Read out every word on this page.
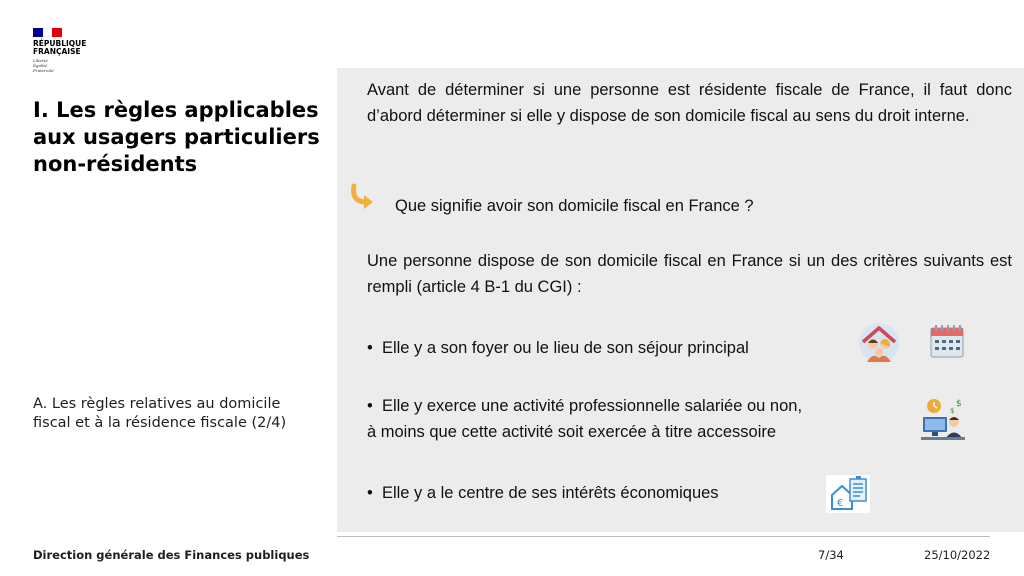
RÉPUBLIQUE
FRANÇAISE
Liberté
Égalité
Fraternité
I. Les règles applicables aux usagers particuliers non-résidents
A. Les règles relatives au domicile fiscal et à la résidence fiscale (2/4)
Avant de déterminer si une personne est résidente fiscale de France, il faut donc d’abord déterminer si elle y dispose de son domicile fiscal au sens du droit interne.
Que signifie avoir son domicile fiscal en France ?
Une personne dispose de son domicile fiscal en France si un des critères suivants est rempli (article 4 B-1 du CGI) :
• Elle y a son foyer ou le lieu de son séjour principal
• Elle y exerce une activité professionnelle salariée ou non,
à moins que cette activité soit exercée à titre accessoire
$
$
• Elle y a le centre de ses intérêts économiques
€
Direction générale des Finances publiques	7/34	25/10/2022
